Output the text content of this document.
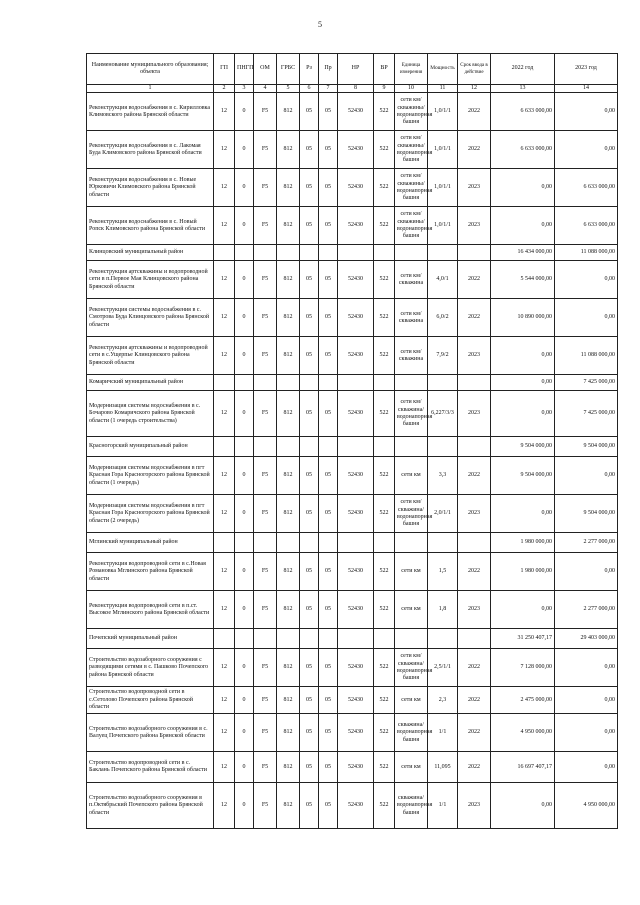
5
Наименование муниципального образования; объекта	ГП	ПНГП	ОМ	ГРБС	Рз	Пр	НР	ВР	Единица измерения	Мощность	Срок ввода в действие	2022 год	2023 год
1	2	3	4	5	6	7	8	9	10	11	12	13	14
Реконструкция водоснабжения в с. Кирилловка Климовского района Брянской области	12	0	F5	812	05	05	52430	522	сети км/скважины/водонапорная башня	1,0/1/1	2022	6 633 000,00	0,00
Реконструкция водоснабжения в с. Лакомая Буда Климовского района Брянской области	12	0	F5	812	05	05	52430	522	сети км/скважины/водонапорная башня	1,0/1/1	2022	6 633 000,00	0,00
Реконструкция водоснабжения в с. Новые Юрковичи Климовского района Брянской области	12	0	F5	812	05	05	52430	522	сети км/скважины/водонапорная башня	1,0/1/1	2023	0,00	6 633 000,00
Реконструкция водоснабжения в с. Новый Ропск Климовского района Брянской области	12	0	F5	812	05	05	52430	522	сети км/скважины/водонапорная башня	1,0/1/1	2023	0,00	6 633 000,00
Клинцовский муниципальный район												16 434 000,00	11 088 000,00
Реконструкция артскважины и водопроводной сети в п.Первое Мая Клинцовского района Брянской области	12	0	F5	812	05	05	52430	522	сети км/скважина	4,0/1	2022	5 544 000,00	0,00
Реконструкция системы водоснабжения в с. Смотрова Буда Клинцовского района Брянской области	12	0	F5	812	05	05	52430	522	сети км/скважина	6,0/2	2022	10 890 000,00	0,00
Реконструкция артскважины и водопроводной сети в с.Ущерпье Клинцовского района Брянской области	12	0	F5	812	05	05	52430	522	сети км/скважина	7,9/2	2023	0,00	11 088 000,00
Комаричский муниципальный район												0,00	7 425 000,00
Модернизация системы водоснабжения в с. Бочарово Комаричского района Брянской области (1 очередь строительства)	12	0	F5	812	05	05	52430	522	сети км/скважина/водонапорная башня	6,227/3/3	2023	0,00	7 425 000,00
Красногорский муниципальный район												9 504 000,00	9 504 000,00
Модернизация системы водоснабжения в пгт Красная Гора Красногорского района Брянской области (1 очередь)	12	0	F5	812	05	05	52430	522	сети км	3,3	2022	9 504 000,00	0,00
Модернизация системы водоснабжения в пгт Красная Гора Красногорского района Брянской области (2 очередь)	12	0	F5	812	05	05	52430	522	сети км/скважина/водонапорная башня	2,0/1/1	2023	0,00	9 504 000,00
Мглинский муниципальный район												1 980 000,00	2 277 000,00
Реконструкция водопроводной сети в с.Новая Романовка Мглинского района Брянской области	12	0	F5	812	05	05	52430	522	сети км	1,5	2022	1 980 000,00	0,00
Реконструкция водопроводной сети в п.ст. Высокое Мглинского района Брянской области	12	0	F5	812	05	05	52430	522	сети км	1,8	2023	0,00	2 277 000,00
Почепский муниципальный район												31 250 407,17	29 403 000,00
Строительство водозаборного сооружения с разводящими сетями в с. Пашково Почепского района Брянской области	12	0	F5	812	05	05	52430	522	сети км/скважина/водонапорная башня	2,5/1/1	2022	7 128 000,00	0,00
Строительство водопроводной сети в с.Сетолово Почепского района Брянской области	12	0	F5	812	05	05	52430	522	сети км	2,3	2022	2 475 000,00	0,00
Строительство водозаборного сооружения в с. Валуец Почепского района Брянской области	12	0	F5	812	05	05	52430	522	скважина/водонапорная башня	1/1	2022	4 950 000,00	0,00
Строительство водопроводной сети в с. Баклань Почепского района Брянской области	12	0	F5	812	05	05	52430	522	сети км	11,095	2022	16 697 407,17	0,00
Строительство водозаборного сооружения в п.Октябрьский Почепского района Брянской области	12	0	F5	812	05	05	52430	522	скважина/водонапорная башня	1/1	2023	0,00	4 950 000,00
